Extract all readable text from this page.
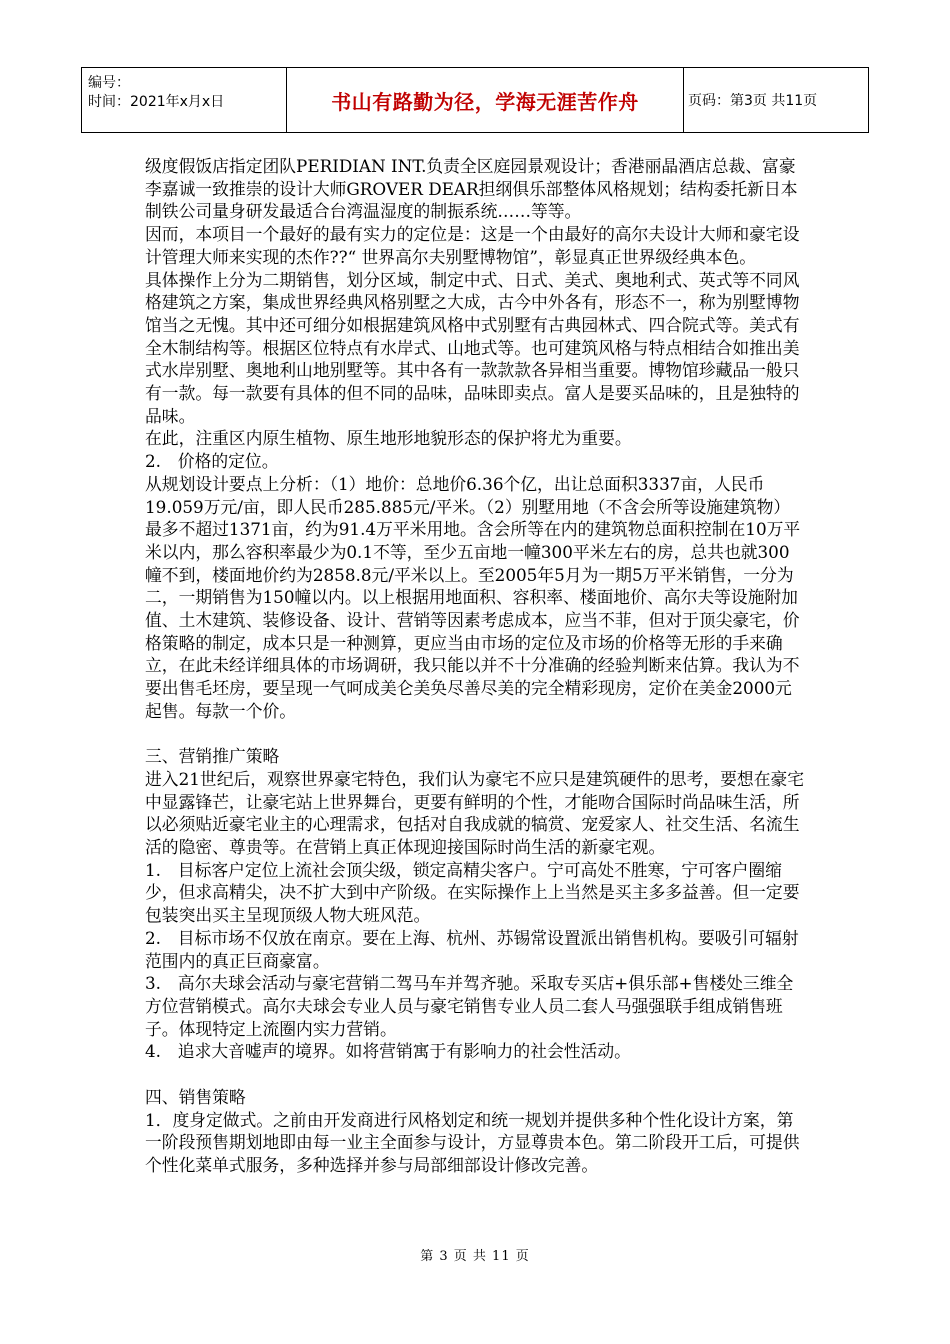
编号：
时间：2021年x月x日	书山有路勤为径，学海无涯苦作舟	页码：第3页 共11页

级度假饭店指定团队PERIDIAN INT.负责全区庭园景观设计；香港丽晶酒店总裁、富豪李嘉诚一致推崇的设计大师GROVER DEAR担纲俱乐部整体风格规划；结构委托新日本制铁公司量身研发最适合台湾温湿度的制振系统……等等。

因而，本项目一个最好的最有实力的定位是：这是一个由最好的高尔夫设计大师和豪宅设计管理大师来实现的杰作??“ 世界高尔夫别墅博物馆”，彰显真正世界级经典本色。

具体操作上分为二期销售，划分区域，制定中式、日式、美式、奥地利式、英式等不同风格建筑之方案，集成世界经典风格别墅之大成，古今中外各有，形态不一，称为别墅博物馆当之无愧。其中还可细分如根据建筑风格中式别墅有古典园林式、四合院式等。美式有全木制结构等。根据区位特点有水岸式、山地式等。也可建筑风格与特点相结合如推出美式水岸别墅、奥地利山地别墅等。其中各有一款款款各异相当重要。博物馆珍藏品一般只有一款。每一款要有具体的但不同的品味，品味即卖点。富人是要买品味的，且是独特的品味。

在此，注重区内原生植物、原生地形地貌形态的保护将尤为重要。

2.　价格的定位。

从规划设计要点上分析：（1）地价：总地价6.36个亿，出让总面积3337亩，人民币19.059万元/亩，即人民币285.885元/平米。（2）别墅用地（不含会所等设施建筑物）最多不超过1371亩，约为91.4万平米用地。含会所等在内的建筑物总面积控制在10万平米以内，那么容积率最少为0.1不等，至少五亩地一幢300平米左右的房，总共也就300幢不到，楼面地价约为2858.8元/平米以上。至2005年5月为一期5万平米销售，一分为二，一期销售为150幢以内。以上根据用地面积、容积率、楼面地价、高尔夫等设施附加值、土木建筑、装修设备、设计、营销等因素考虑成本，应当不菲，但对于顶尖豪宅，价格策略的制定，成本只是一种测算，更应当由市场的定位及市场的价格等无形的手来确立，在此未经详细具体的市场调研，我只能以并不十分准确的经验判断来估算。我认为不要出售毛坯房，要呈现一气呵成美仑美奂尽善尽美的完全精彩现房，定价在美金2000元起售。每款一个价。

三、营销推广策略

进入21世纪后，观察世界豪宅特色，我们认为豪宅不应只是建筑硬件的思考，要想在豪宅中显露锋芒，让豪宅站上世界舞台，更要有鲜明的个性，才能吻合国际时尚品味生活，所以必须贴近豪宅业主的心理需求，包括对自我成就的犒赏、宠爱家人、社交生活、名流生活的隐密、尊贵等。在营销上真正体现迎接国际时尚生活的新豪宅观。

1.　目标客户定位上流社会顶尖级，锁定高精尖客户。宁可高处不胜寒，宁可客户圈缩少，但求高精尖，决不扩大到中产阶级。在实际操作上上当然是买主多多益善。但一定要包装突出买主呈现顶级人物大班风范。

2.　目标市场不仅放在南京。要在上海、杭州、苏锡常设置派出销售机构。要吸引可辐射范围内的真正巨商豪富。

3.　高尔夫球会活动与豪宅营销二驾马车并驾齐驰。采取专买店+俱乐部+售楼处三维全方位营销模式。高尔夫球会专业人员与豪宅销售专业人员二套人马强强联手组成销售班子。体现特定上流圈内实力营销。

4.　追求大音嘘声的境界。如将营销寓于有影响力的社会性活动。

四、销售策略

1．度身定做式。之前由开发商进行风格划定和统一规划并提供多种个性化设计方案，第一阶段预售期划地即由每一业主全面参与设计，方显尊贵本色。第二阶段开工后，可提供个性化菜单式服务，多种选择并参与局部细部设计修改完善。

第 3 页 共 11 页
